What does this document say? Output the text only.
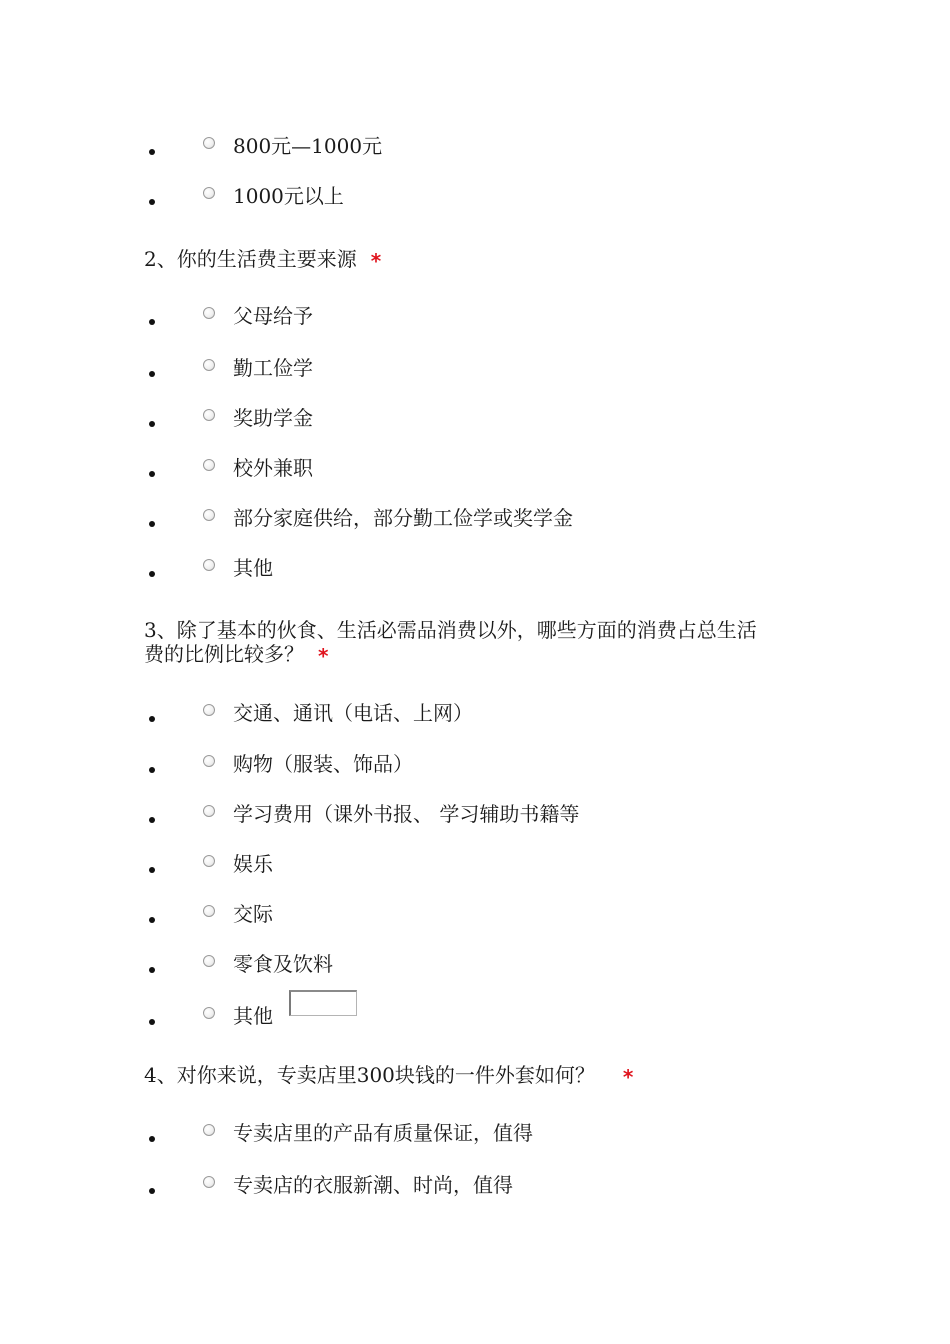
800元—1000元
1000元以上
2、你的生活费主要来源 *
父母给予
勤工俭学
奖助学金
校外兼职
部分家庭供给，部分勤工俭学或奖学金
其他
3、除了基本的伙食、生活必需品消费以外，哪些方面的消费占总生活
费的比例比较多？ *
交通、通讯（电话、上网）
购物（服装、饰品）
学习费用（课外书报、 学习辅助书籍等
娱乐
交际
零食及饮料
其他
4、对你来说，专卖店里300块钱的一件外套如何？ *
专卖店里的产品有质量保证，值得
专卖店的衣服新潮、时尚，值得
